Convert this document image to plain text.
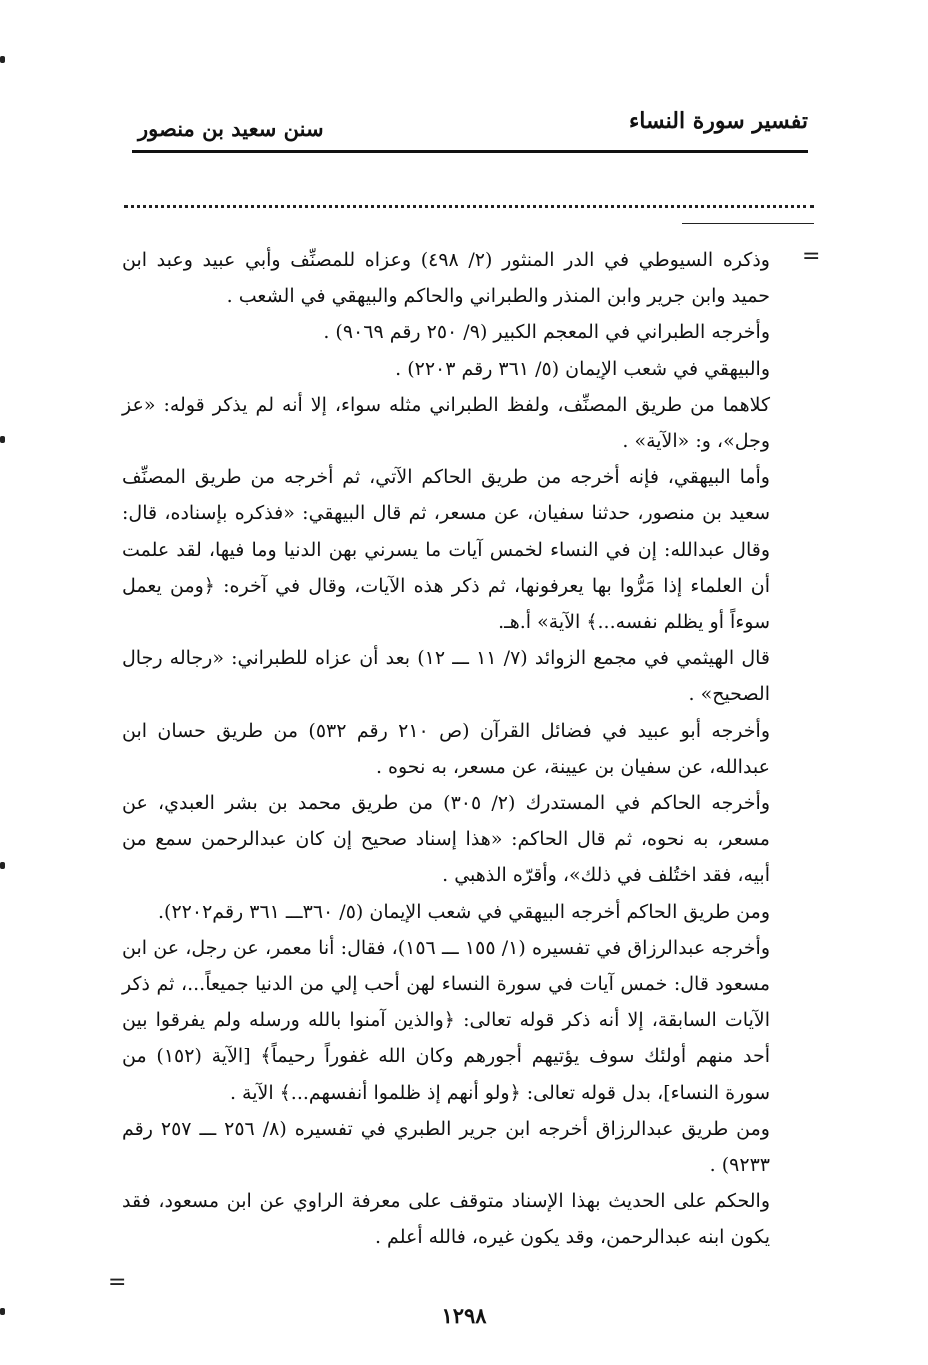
تفسير سورة النساء
سنن سعيد بن منصور
=

وذكره السيوطي في الدر المنثور (٢/ ٤٩٨) وعزاه للمصنِّف وأبي عبيد وعبد ابن حميد وابن جرير وابن المنذر والطبراني والحاكم والبيهقي في الشعب .

وأخرجه الطبراني في المعجم الكبير (٩/ ٢٥٠ رقم ٩٠٦٩) .

والبيهقي في شعب الإيمان (٥/ ٣٦١ رقم ٢٢٠٣) .

كلاهما من طريق المصنِّف، ولفظ الطبراني مثله سواء، إلا أنه لم يذكر قوله: «عز وجل»، و: «الآية» .

وأما البيهقي، فإنه أخرجه من طريق الحاكم الآتي، ثم أخرجه من طريق المصنِّف سعيد بن منصور، حدثنا سفيان، عن مسعر، ثم قال البيهقي: «فذكره بإسناده، قال: وقال عبدالله: إن في النساء لخمس آيات ما يسرني بهن الدنيا وما فيها، لقد علمت أن العلماء إذا مَرُّوا بها يعرفونها، ثم ذكر هذه الآيات، وقال في آخره: ﴿ومن يعمل سوءاً أو يظلم نفسه...﴾ الآية» أ.هـ.

قال الهيثمي في مجمع الزوائد (٧/ ١١ ـــ ١٢) بعد أن عزاه للطبراني: «رجاله رجال الصحيح» .

وأخرجه أبو عبيد في فضائل القرآن (ص ٢١٠ رقم ٥٣٢) من طريق حسان ابن عبدالله، عن سفيان بن عيينة، عن مسعر، به نحوه .

وأخرجه الحاكم في المستدرك (٢/ ٣٠٥) من طريق محمد بن بشر العبدي، عن مسعر، به نحوه، ثم قال الحاكم: «هذا إسناد صحيح إن كان عبدالرحمن سمع من أبيه، فقد اختُلف في ذلك»، وأقرّه الذهبي .

ومن طريق الحاكم أخرجه البيهقي في شعب الإيمان (٥/ ٣٦٠ـــ ٣٦١ رقم٢٢٠٢).

وأخرجه عبدالرزاق في تفسيره (١/ ١٥٥ ـــ ١٥٦)، فقال: أنا معمر، عن رجل، عن ابن مسعود قال: خمس آيات في سورة النساء لهن أحب إلي من الدنيا جميعاً...، ثم ذكر الآيات السابقة، إلا أنه ذكر قوله تعالى: ﴿والذين آمنوا بالله ورسله ولم يفرقوا بين أحد منهم أولئك سوف يؤتيهم أجورهم وكان الله غفوراً رحيماً﴾ [الآية (١٥٢) من سورة النساء]، بدل قوله تعالى: ﴿ولو أنهم إذ ظلموا أنفسهم...﴾ الآية .

ومن طريق عبدالرزاق أخرجه ابن جرير الطبري في تفسيره (٨/ ٢٥٦ ـــ ٢٥٧ رقم ٩٢٣٣) .

والحكم على الحديث بهذا الإسناد متوقف على معرفة الراوي عن ابن مسعود، فقد يكون ابنه عبدالرحمن، وقد يكون غيره، فالله أعلم .

=
١٢٩٨
